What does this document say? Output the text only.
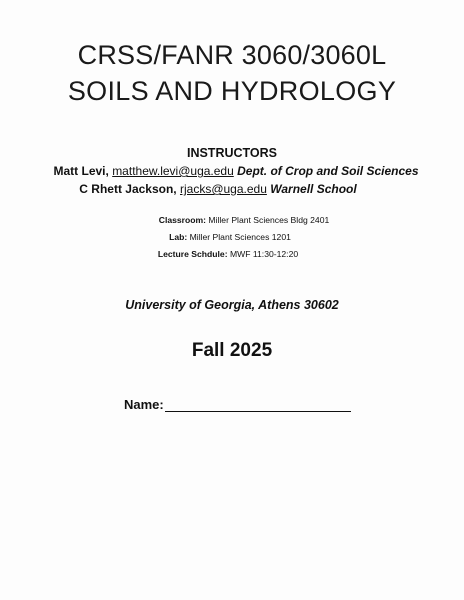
CRSS/FANR 3060/3060L
SOILS AND HYDROLOGY
INSTRUCTORS
Matt Levi, matthew.levi@uga.edu Dept. of Crop and Soil Sciences
C Rhett Jackson, rjacks@uga.edu Warnell School
Classroom: Miller Plant Sciences Bldg 2401
Lab: Miller Plant Sciences 1201
Lecture Schdule: MWF 11:30-12:20
University of Georgia, Athens 30602
Fall 2025
Name:
